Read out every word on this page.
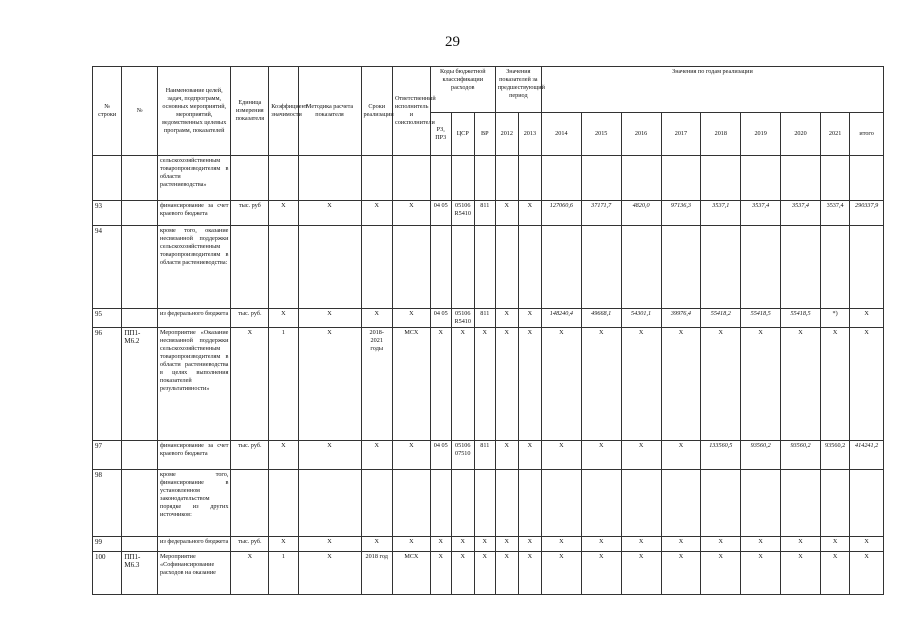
29
№ строки	№	Наименование целей, задач, подпрограмм, основных мероприятий, мероприятий, ведомственных целевых программ, показателей	Единица измерения показателя	Коэффициент значимости	Методика расчета показателя	Сроки реализации	Ответственный исполнитель и соисполнители	Коды бюджетной классификации расходов			Значения показателей за предшествующий период		Значения по годам реализации								
								РЗ, ПР3	ЦСР	ВР	2012	2013	2014	2015	2016	2017	2018	2019	2020	2021	итого
		сельскохозяйственным товаропроизводителям в области растениеводства»																			
93		финансирование за счет краевого бюджета	тыс. руб	X	X	X	X	04 05	05106 R5410	811	X	X	127060,6	37171,7	4820,0	97136,3	3537,1	3537,4	3537,4	3537,4	290337,9
94		кроме того, оказание несвязанной поддержки сельскохозяйственным товаропроизводителям в области растениеводства:																			
95		из федерального бюджета	тыс. руб.	X	X	X	X	04 05	05106 R5410	811	X	X	148240,4	49668,1	54301,1	39976,4	55418,2	55418,5	55418,5	*)	X
96	ПП1-М6.2	Мероприятие «Оказание несвязанной поддержки сельскохозяйственным товаропроизводителям в области растениеводства в целях выполнения показателей результативности»	X	1	X	2018-2021 годы	МСХ	X	X	X	X	X	X	X	X	X	X	X	X	X	X
97		финансирование за счет краевого бюджета	тыс. руб.	X	X	X	X	04 05	05106 07510	811	X	X	X	X	X	X	133560,5	93560,2	93560,2	93560,2	414241,2
98		кроме того, финансирование в установленном законодательством порядке из других источников:																			
99		из федерального бюджета	тыс. руб.	X	X	X	X	X	X	X	X	X	X	X	X	X	X	X	X	X	X
100	ПП1-М6.3	Мероприятие «Софинансирование расходов на оказание	X	1	X	2018 год	МСХ	X	X	X	X	X	X	X	X	X	X	X	X	X	X
